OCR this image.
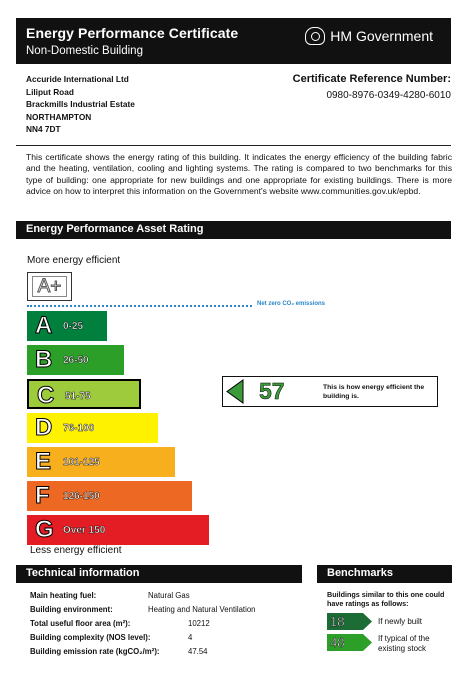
Energy Performance Certificate
Non-Domestic Building
HM Government
Accuride International Ltd
Liliput Road
Brackmills Industrial Estate
NORTHAMPTON
NN4 7DT
Certificate Reference Number:
0980-8976-0349-4280-6010
This certificate shows the energy rating of this building. It indicates the energy efficiency of the building fabric and the heating, ventilation, cooling and lighting systems. The rating is compared to two benchmarks for this type of building: one appropriate for new buildings and one appropriate for existing buildings. There is more advice on how to interpret this information on the Government's website www.communities.gov.uk/epbd.
Energy Performance Asset Rating
More energy efficient
A+
Net zero CO₂ emissions
A 0-25
B 26-50
C 51-75
D 76-100
E 101-125
F 126-150
G Over 150
57	This is how energy efficient the building is.
Less energy efficient
Technical information
Main heating fuel:	Natural Gas
Building environment:	Heating and Natural Ventilation
Total useful floor area (m²):	10212
Building complexity (NOS level):	4
Building emission rate (kgCO₂/m²):	47.54
Benchmarks
Buildings similar to this one could have ratings as follows:
18	If newly built
48	If typical of the existing stock
